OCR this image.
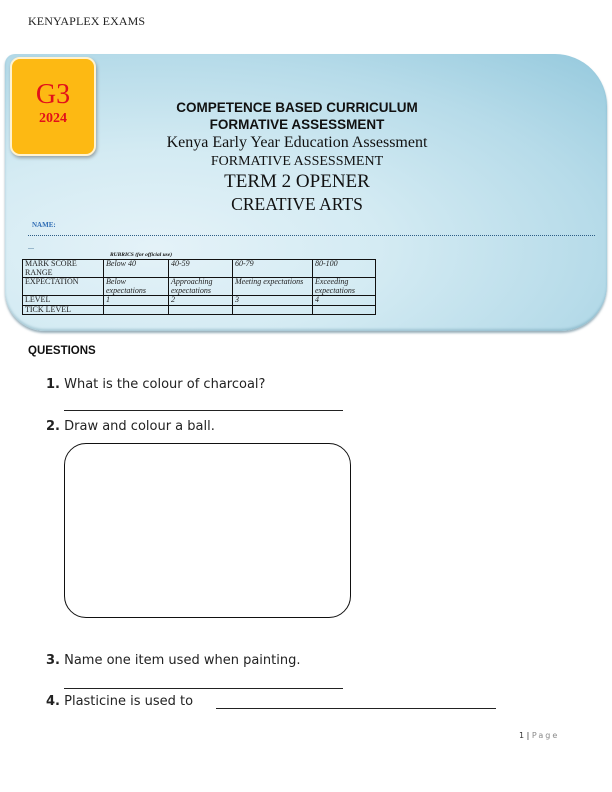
KENYAPLEX EXAMS
G3
2024
COMPETENCE BASED CURRICULUM
FORMATIVE ASSESSMENT
Kenya Early Year Education Assessment
FORMATIVE ASSESSMENT
TERM 2 OPENER
CREATIVE ARTS
NAME:
...
RUBRICS (for official use)
MARK SCORE RANGE	Below 40	40-59	60-79	80-100
EXPECTATION	Below expectations	Approaching expectations	Meeting expectations	Exceeding expectations
LEVEL	1	2	3	4
TICK LEVEL				
QUESTIONS
1. What is the colour of charcoal?
2. Draw and colour a ball.
3. Name one item used when painting.
4. Plasticine is used to
1 | Page
